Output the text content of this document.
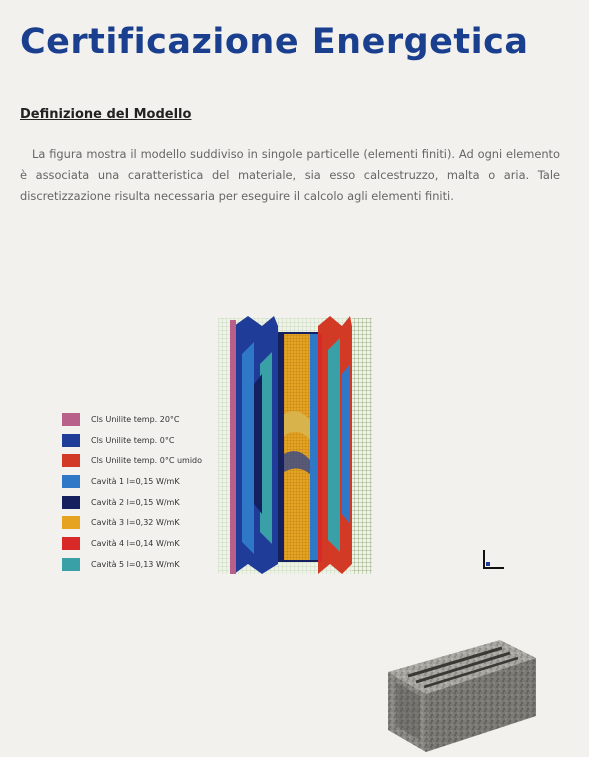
Certificazione Energetica
Definizione del Modello

La figura mostra il modello suddiviso in singole particelle (elementi finiti). Ad ogni elemento è associata una caratteristica del materiale, sia esso calcestruzzo, malta o aria. Tale discretizzazione risulta necessaria per eseguire il calcolo agli elementi finiti.

Cls Unilite temp. 20°C
Cls Unilite temp. 0°C
Cls Unilite temp. 0°C umido
Cavità 1 l=0,15 W/mK
Cavità 2 l=0,15 W/mK
Cavità 3 l=0,32 W/mK
Cavità 4 l=0,14 W/mK
Cavità 5 l=0,13 W/mK
